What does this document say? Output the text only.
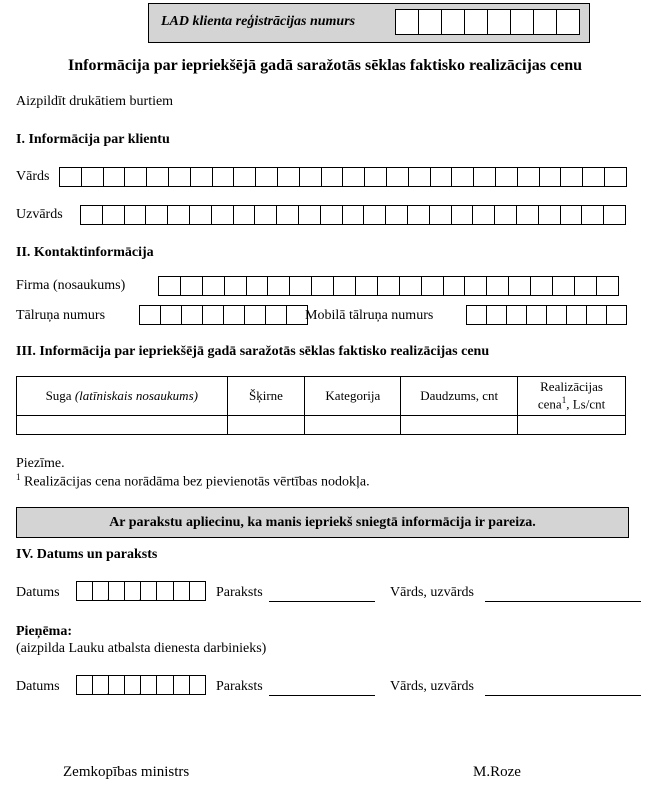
LAD klienta reģistrācijas numurs
Informācija par iepriekšējā gadā saražotās sēklas faktisko realizācijas cenu
Aizpildīt drukātiem burtiem
I. Informācija par klientu
Vārds
Uzvārds
II. Kontaktinformācija
Firma (nosaukums)
Tālruņa numurs	Mobilā tālruņa numurs
III. Informācija par iepriekšējā gadā saražotās sēklas faktisko realizācijas cenu
Suga (latīniskais nosaukums)	Šķirne	Kategorija	Daudzums, cnt	Realizācijas
cena$^1$, Ls/cnt

Piezīme.
$^1$ Realizācijas cena norādāma bez pievienotās vērtības nodokļa.
Ar parakstu apliecinu, ka manis iepriekš sniegtā informācija ir pareiza.
IV. Datums un paraksts
Datums	. .	Paraksts	Vārds, uzvārds
Pieņēma:
(aizpilda Lauku atbalsta dienesta darbinieks)
Datums	. .	Paraksts	Vārds, uzvārds
Zemkopības ministrs	M.Roze
